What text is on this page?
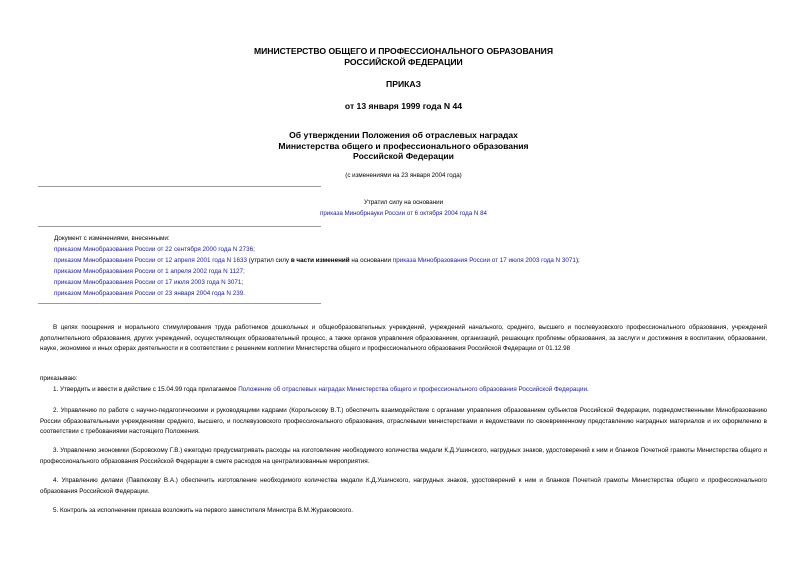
МИНИСТЕРСТВО ОБЩЕГО И ПРОФЕССИОНАЛЬНОГО ОБРАЗОВАНИЯ
РОССИЙСКОЙ ФЕДЕРАЦИИ
ПРИКАЗ
от 13 января 1999 года N 44
Об утверждении Положения об отраслевых наградах
Министерства общего и профессионального образования
Российской Федерации
(с изменениями на 23 января 2004 года)
Утратил силу на основании
приказа Минобрнауки России от 6 октября 2004 года N 84
Документ с изменениями, внесенными:
приказом Минобразования России от 22 сентября 2000 года N 2736;
приказом Минобразования России от 12 апреля 2001 года N 1633 (утратил силу в части изменений на основании приказа Минобразования России от 17 июля 2003 года N 3071);
приказом Минобразования России от 1 апреля 2002 года N 1127;
приказом Минобразования России от 17 июля 2003 года N 3071;
приказом Минобразования России от 23 января 2004 года N 239.
В целях поощрения и морального стимулирования труда работников дошкольных и общеобразовательных учреждений, учреждений начального, среднего, высшего и послевузовского профессионального образования, учреждений дополнительного образования, других учреждений, осуществляющих образовательный процесс, а также органов управления образованием, организаций, решающих проблемы образования, за заслуги и достижения в воспитании, образовании, науке, экономике и иных сферах деятельности и в соответствии с решением коллегии Министерства общего и профессионального образования Российской Федерации от 01.12.98
приказываю:
1. Утвердить и ввести в действие с 15.04.99 года прилагаемое Положение об отраслевых наградах Министерства общего и профессионального образования Российской Федерации.
2. Управлению по работе с научно-педагогическими и руководящими кадрами (Корольскову В.Т.) обеспечить взаимодействие с органами управления образованием субъектов Российской Федерации, подведомственными Минобразованию России образовательными учреждениями среднего, высшего, и послевузовского профессионального образования, отраслевыми министерствами и ведомствами по своевременному представлению наградных материалов и их оформлению в соответствии с требованиями настоящего Положения.
3. Управлению экономики (Боровскому Г.В.) ежегодно предусматривать расходы на изготовление необходимого количества медали К.Д.Ушинского, нагрудных знаков, удостоверений к ним и бланков Почетной грамоты Министерства общего и профессионального образования Российской Федерации в смете расходов на централизованные мероприятия.
4. Управлению делами (Павлюкову В.А.) обеспечить изготовление необходимого количества медали К.Д.Ушинского, нагрудных знаков, удостоверений к ним и бланков Почетной грамоты Министерства общего и профессионального образования Российской Федерации.
5. Контроль за исполнением приказа возложить на первого заместителя Министра В.М.Жураковского.
